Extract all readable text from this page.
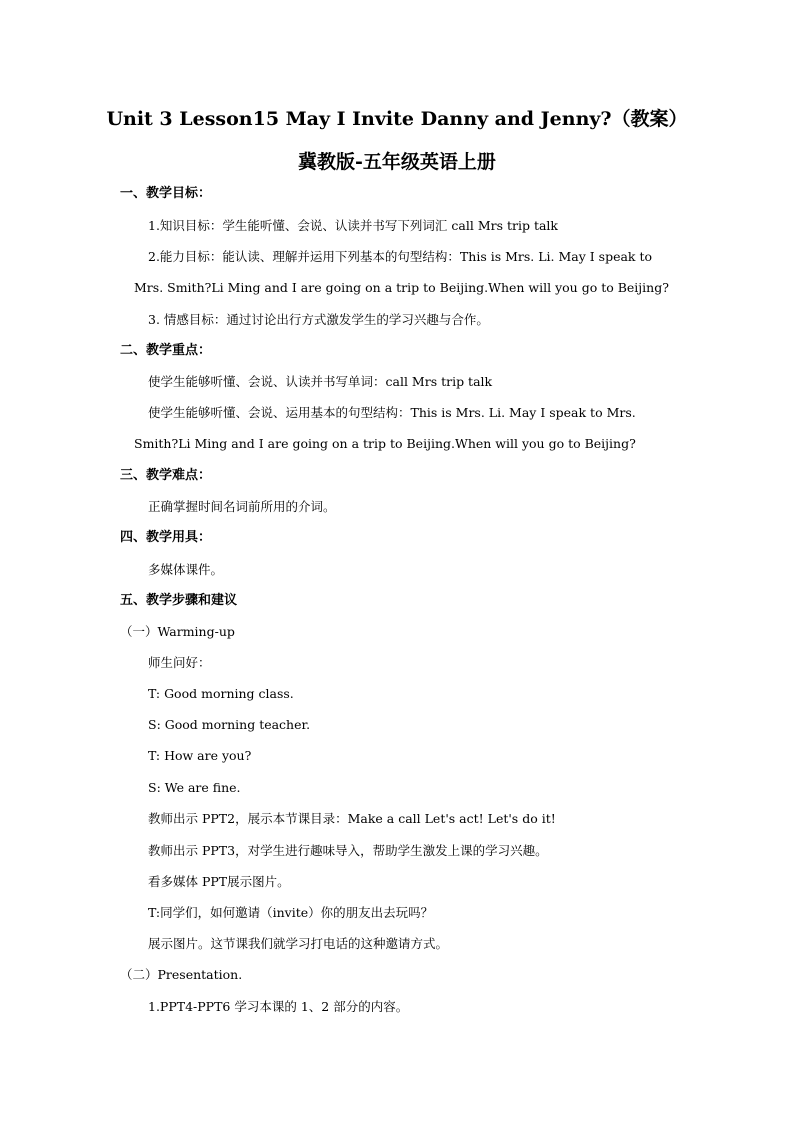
Unit 3 Lesson15 May I Invite Danny and Jenny?（教案）
冀教版-五年级英语上册
一、教学目标：
1.知识目标：学生能听懂、会说、认读并书写下列词汇 call Mrs trip talk
2.能力目标：能认读、理解并运用下列基本的句型结构：This is Mrs. Li. May I speak to
Mrs. Smith?Li Ming and I are going on a trip to Beijing.When will you go to Beijing?
3. 情感目标：通过讨论出行方式激发学生的学习兴趣与合作。
二、教学重点：
使学生能够听懂、会说、认读并书写单词：call Mrs trip talk
使学生能够听懂、会说、运用基本的句型结构：This is Mrs. Li. May I speak to Mrs.
Smith?Li Ming and I are going on a trip to Beijing.When will you go to Beijing?
三、教学难点：
正确掌握时间名词前所用的介词。
四、教学用具：
多媒体课件。
五、教学步骤和建议
（一）Warming-up
师生问好：
T: Good morning class.
S: Good morning teacher.
T: How are you?
S: We are fine.
教师出示 PPT2，展示本节课目录：Make a call Let's act! Let's do it!
教师出示 PPT3，对学生进行趣味导入，帮助学生激发上课的学习兴趣。
看多媒体 PPT展示图片。
T:同学们，如何邀请（invite）你的朋友出去玩吗？
展示图片。这节课我们就学习打电话的这种邀请方式。
（二）Presentation.
1.PPT4-PPT6 学习本课的 1、2 部分的内容。
